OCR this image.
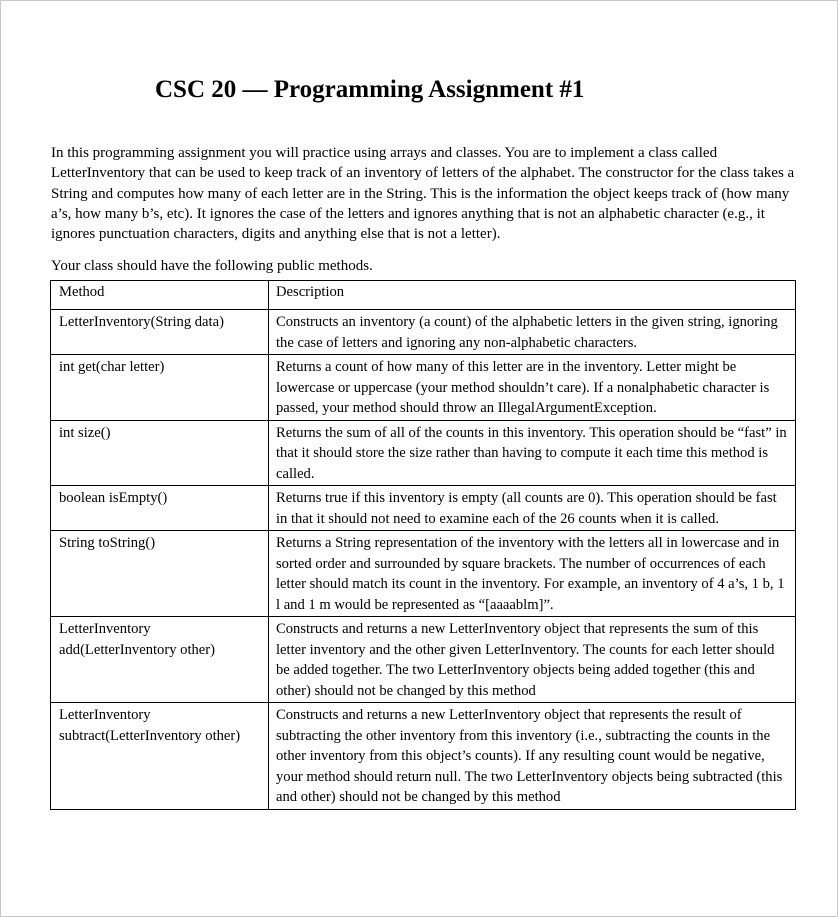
CSC 20 — Programming Assignment #1

In this programming assignment you will practice using arrays and classes. You are to implement a class called LetterInventory that can be used to keep track of an inventory of letters of the alphabet. The constructor for the class takes a String and computes how many of each letter are in the String. This is the information the object keeps track of (how many a’s, how many b’s, etc). It ignores the case of the letters and ignores anything that is not an alphabetic character (e.g., it ignores punctuation characters, digits and anything else that is not a letter).

Your class should have the following public methods.

Method	Description
LetterInventory(String data)	Constructs an inventory (a count) of the alphabetic letters in the given string, ignoring the case of letters and ignoring any non-alphabetic characters.
int get(char letter)	Returns a count of how many of this letter are in the inventory. Letter might be lowercase or uppercase (your method shouldn’t care). If a nonalphabetic character is passed, your method should throw an IllegalArgumentException.
int size()	Returns the sum of all of the counts in this inventory. This operation should be “fast” in that it should store the size rather than having to compute it each time this method is called.
boolean isEmpty()	Returns true if this inventory is empty (all counts are 0). This operation should be fast in that it should not need to examine each of the 26 counts when it is called.
String toString()	Returns a String representation of the inventory with the letters all in lowercase and in sorted order and surrounded by square brackets. The number of occurrences of each letter should match its count in the inventory. For example, an inventory of 4 a’s, 1 b, 1 l and 1 m would be represented as “[aaaablm]”.
LetterInventory add(LetterInventory other)	Constructs and returns a new LetterInventory object that represents the sum of this letter inventory and the other given LetterInventory. The counts for each letter should be added together. The two LetterInventory objects being added together (this and other) should not be changed by this method
LetterInventory subtract(LetterInventory other)	Constructs and returns a new LetterInventory object that represents the result of subtracting the other inventory from this inventory (i.e., subtracting the counts in the other inventory from this object’s counts). If any resulting count would be negative, your method should return null. The two LetterInventory objects being subtracted (this and other) should not be changed by this method
